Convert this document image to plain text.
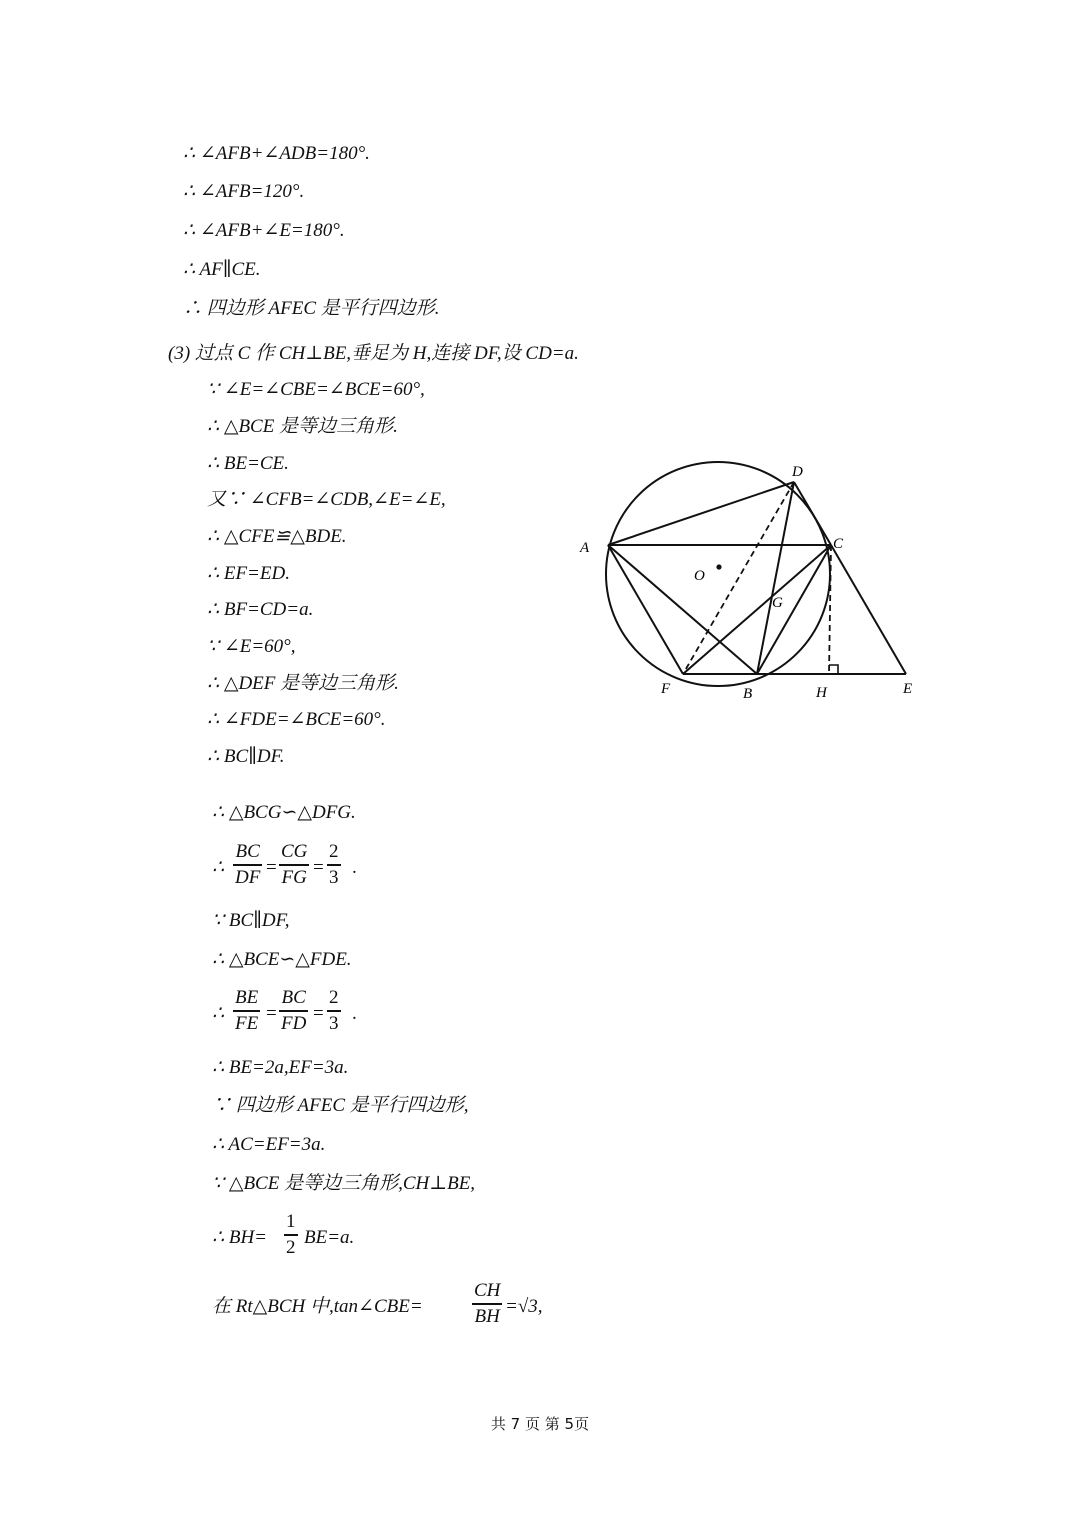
∴ ∠AFB+∠ADB=180°.
∴ ∠AFB=120°.
∴ ∠AFB+∠E=180°.
∴ AF∥CE.
∴ 四边形 AFEC 是平行四边形.
(3) 过点 C 作 CH⊥BE,垂足为 H,连接 DF,设 CD=a.
∵ ∠E=∠CBE=∠BCE=60°,
∴ △BCE 是等边三角形.
∴ BE=CE.
又∵ ∠CFB=∠CDB,∠E=∠E,
∴ △CFE≌△BDE.
∴ EF=ED.
∴ BF=CD=a.
∵ ∠E=60°,
∴ △DEF 是等边三角形.
∴ ∠FDE=∠BCE=60°.
∴ BC∥DF.
A
D
C
O
G
F	B	H	E
∴ △BCG∽△DFG.
∴
BC
DF =
CG
FG =
2
3 .
∵ BC∥DF,
∴ △BCE∽△FDE.
∴
BE
FE =
BC
FD =
2
3 .
∴ BE=2a,EF=3a.
∵ 四边形 AFEC 是平行四边形,
∴ AC=EF=3a.
∵ △BCE 是等边三角形,CH⊥BE,
∴ BH=
1
2 BE=a.
在 Rt△BCH 中,tan∠CBE=
CH
BH =√3,
共 7 页 第 5页
